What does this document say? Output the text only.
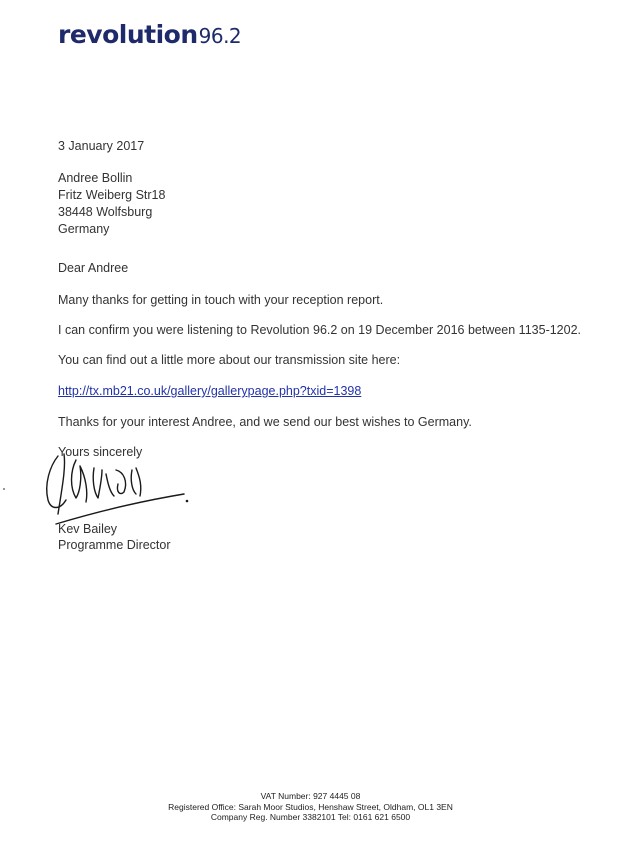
revolution96.2
3 January 2017
Andree Bollin
Fritz Weiberg Str18
38448 Wolfsburg
Germany
Dear Andree
Many thanks for getting in touch with your reception report.
I can confirm you were listening to Revolution 96.2 on 19 December 2016 between 1135-1202.
You can find out a little more about our transmission site here:
http://tx.mb21.co.uk/gallery/gallerypage.php?txid=1398
Thanks for your interest Andree, and we send our best wishes to Germany.
Yours sincerely
Kev Bailey
Programme Director
VAT Number: 927 4445 08
Registered Office: Sarah Moor Studios, Henshaw Street, Oldham, OL1 3EN
Company Reg. Number 3382101 Tel: 0161 621 6500
